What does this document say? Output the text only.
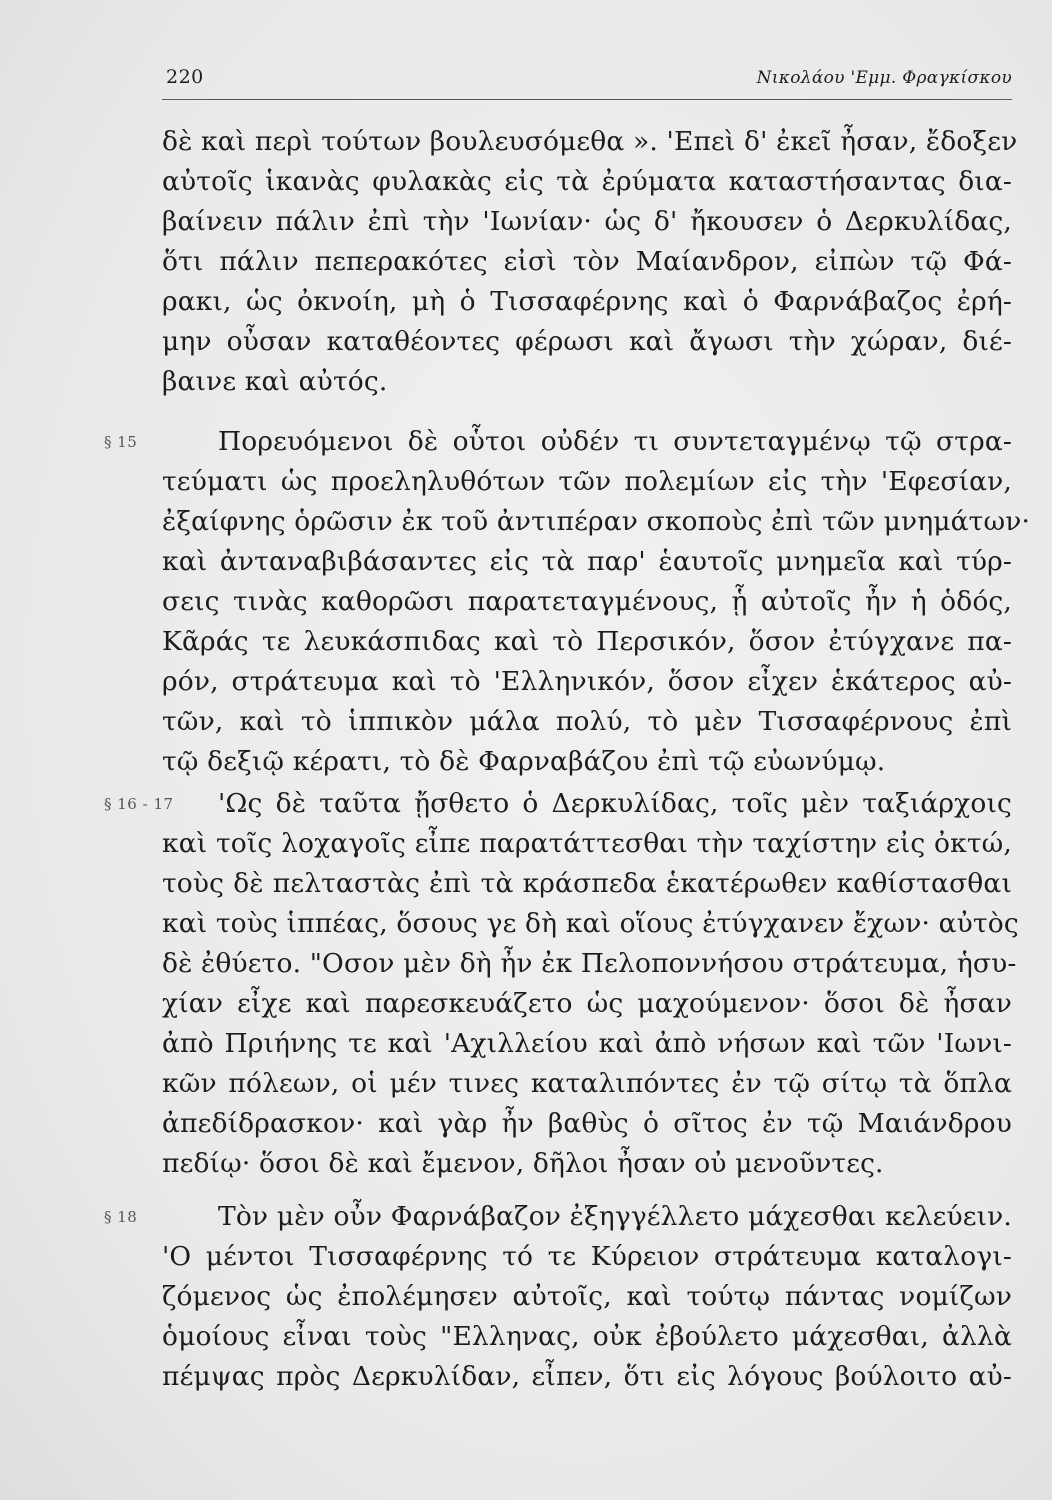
220	Νικολάου 'Εμμ. Φραγκίσκου
δὲ καὶ περὶ τούτων βουλευσόμεθα ». 'Επεὶ δ' ἐκεῖ ἦσαν, ἔδοξεν
αὐτοῖς ἱκανὰς φυλακὰς εἰς τὰ ἐρύματα καταστήσαντας δια-
βαίνειν πάλιν ἐπὶ τὴν 'Ιωνίαν· ὡς δ' ἤκουσεν ὁ Δερκυλίδας,
ὅτι πάλιν πεπερακότες εἰσὶ τὸν Μαίανδρον, εἰπὼν τῷ Φά-
ρακι, ὡς ὀκνοίη, μὴ ὁ Τισσαφέρνης καὶ ὁ Φαρνάβαζος ἐρή-
μην οὖσαν καταθέοντες φέρωσι καὶ ἄγωσι τὴν χώραν, διέ-
βαινε καὶ αὐτός.
Πορευόμενοι δὲ οὗτοι οὐδέν τι συντεταγμένῳ τῷ στρα-
τεύματι ὡς προεληλυθότων τῶν πολεμίων εἰς τὴν 'Εφεσίαν,
ἐξαίφνης ὁρῶσιν ἐκ τοῦ ἀντιπέραν σκοποὺς ἐπὶ τῶν μνημάτων·
καὶ ἀνταναβιβάσαντες εἰς τὰ παρ' ἑαυτοῖς μνημεῖα καὶ τύρ-
σεις τινὰς καθορῶσι παρατεταγμένους, ᾗ αὐτοῖς ἦν ἡ ὁδός,
Κᾶράς τε λευκάσπιδας καὶ τὸ Περσικόν, ὅσον ἐτύγχανε πα-
ρόν, στράτευμα καὶ τὸ 'Ελληνικόν, ὅσον εἶχεν ἑκάτερος αὐ-
τῶν, καὶ τὸ ἱππικὸν μάλα πολύ, τὸ μὲν Τισσαφέρνους ἐπὶ
τῷ δεξιῷ κέρατι, τὸ δὲ Φαρναβάζου ἐπὶ τῷ εὐωνύμῳ.
'Ως δὲ ταῦτα ᾔσθετο ὁ Δερκυλίδας, τοῖς μὲν ταξιάρχοις
καὶ τοῖς λοχαγοῖς εἶπε παρατάττεσθαι τὴν ταχίστην εἰς ὀκτώ,
τοὺς δὲ πελταστὰς ἐπὶ τὰ κράσπεδα ἑκατέρωθεν καθίστασθαι
καὶ τοὺς ἱππέας, ὅσους γε δὴ καὶ οἵους ἐτύγχανεν ἔχων· αὐτὸς
δὲ ἐθύετο. "Οσον μὲν δὴ ἦν ἐκ Πελοποννήσου στράτευμα, ἡσυ-
χίαν εἶχε καὶ παρεσκευάζετο ὡς μαχούμενον· ὅσοι δὲ ἦσαν
ἀπὸ Πριήνης τε καὶ 'Αχιλλείου καὶ ἀπὸ νήσων καὶ τῶν 'Ιωνι-
κῶν πόλεων, οἱ μέν τινες καταλιπόντες ἐν τῷ σίτῳ τὰ ὅπλα
ἀπεδίδρασκον· καὶ γὰρ ἦν βαθὺς ὁ σῖτος ἐν τῷ Μαιάνδρου
πεδίῳ· ὅσοι δὲ καὶ ἔμενον, δῆλοι ἦσαν οὐ μενοῦντες.
Τὸν μὲν οὖν Φαρνάβαζον ἐξηγγέλλετο μάχεσθαι κελεύειν.
'Ο μέντοι Τισσαφέρνης τό τε Κύρειον στράτευμα καταλογι-
ζόμενος ὡς ἐπολέμησεν αὐτοῖς, καὶ τούτῳ πάντας νομίζων
ὁμοίους εἶναι τοὺς "Ελληνας, οὐκ ἐβούλετο μάχεσθαι, ἀλλὰ
πέμψας πρὸς Δερκυλίδαν, εἶπεν, ὅτι εἰς λόγους βούλοιτο αὐ-
§ 15
§ 16 - 17
§ 18
